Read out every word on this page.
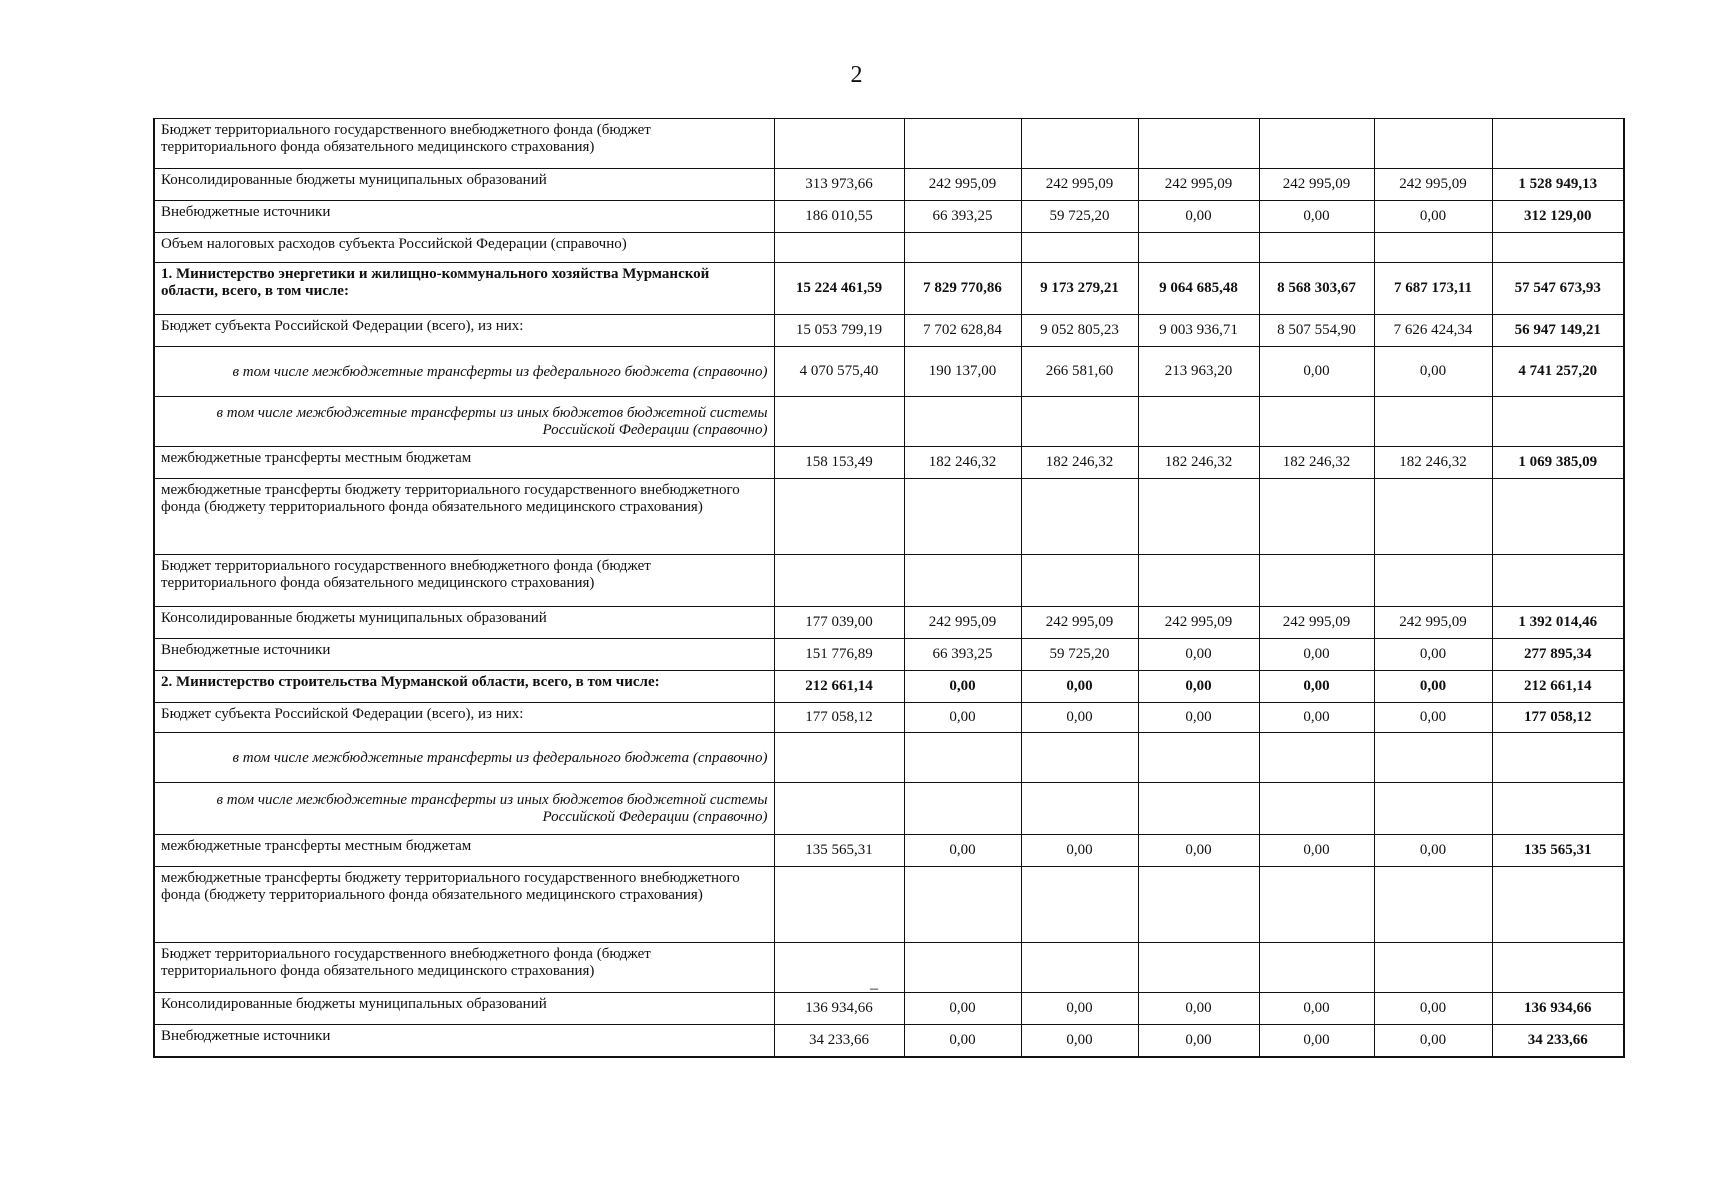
2
Бюджет территориального государственного внебюджетного фонда (бюджет территориального фонда обязательного медицинского страхования)							
Консолидированные бюджеты муниципальных образований	313 973,66	242 995,09	242 995,09	242 995,09	242 995,09	242 995,09	1 528 949,13
Внебюджетные источники	186 010,55	66 393,25	59 725,20	0,00	0,00	0,00	312 129,00
Объем налоговых расходов субъекта Российской Федерации (справочно)							
1. Министерство энергетики и жилищно-коммунального хозяйства Мурманской области, всего, в том числе:	15 224 461,59	7 829 770,86	9 173 279,21	9 064 685,48	8 568 303,67	7 687 173,11	57 547 673,93
Бюджет субъекта Российской Федерации (всего), из них:	15 053 799,19	7 702 628,84	9 052 805,23	9 003 936,71	8 507 554,90	7 626 424,34	56 947 149,21
в том числе межбюджетные трансферты из федерального бюджета (справочно)	4 070 575,40	190 137,00	266 581,60	213 963,20	0,00	0,00	4 741 257,20
в том числе межбюджетные трансферты из иных бюджетов бюджетной системы Российской Федерации (справочно)							
межбюджетные трансферты местным бюджетам	158 153,49	182 246,32	182 246,32	182 246,32	182 246,32	182 246,32	1 069 385,09
межбюджетные трансферты бюджету территориального государственного внебюджетного фонда (бюджету территориального фонда обязательного медицинского страхования)							
Бюджет территориального государственного внебюджетного фонда (бюджет территориального фонда обязательного медицинского страхования)							
Консолидированные бюджеты муниципальных образований	177 039,00	242 995,09	242 995,09	242 995,09	242 995,09	242 995,09	1 392 014,46
Внебюджетные источники	151 776,89	66 393,25	59 725,20	0,00	0,00	0,00	277 895,34
2. Министерство строительства Мурманской области, всего, в том числе:	212 661,14	0,00	0,00	0,00	0,00	0,00	212 661,14
Бюджет субъекта Российской Федерации (всего), из них:	177 058,12	0,00	0,00	0,00	0,00	0,00	177 058,12
в том числе межбюджетные трансферты из федерального бюджета (справочно)							
в том числе межбюджетные трансферты из иных бюджетов бюджетной системы Российской Федерации (справочно)							
межбюджетные трансферты местным бюджетам	135 565,31	0,00	0,00	0,00	0,00	0,00	135 565,31
межбюджетные трансферты бюджету территориального государственного внебюджетного фонда (бюджету территориального фонда обязательного медицинского страхования)							
Бюджет территориального государственного внебюджетного фонда (бюджет территориального фонда обязательного медицинского страхования)							
Консолидированные бюджеты муниципальных образований	136 934,66	0,00	0,00	0,00	0,00	0,00	136 934,66
Внебюджетные источники	34 233,66	0,00	0,00	0,00	0,00	0,00	34 233,66
–
